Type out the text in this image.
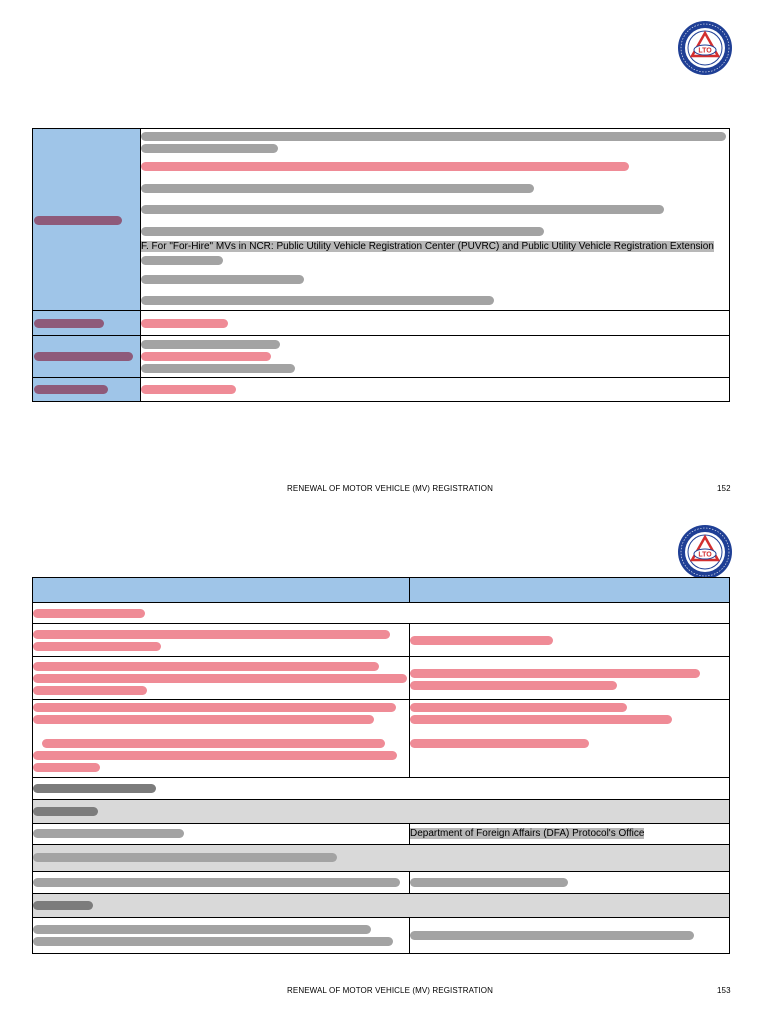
LTO
F. For "For-Hire" MVs in NCR: Public Utility Vehicle Registration Center (PUVRC) and Public Utility Vehicle Registration Extension
RENEWAL OF MOTOR VEHICLE (MV) REGISTRATION	152
LTO
Department of Foreign Affairs (DFA) Protocol's Office
RENEWAL OF MOTOR VEHICLE (MV) REGISTRATION	153
